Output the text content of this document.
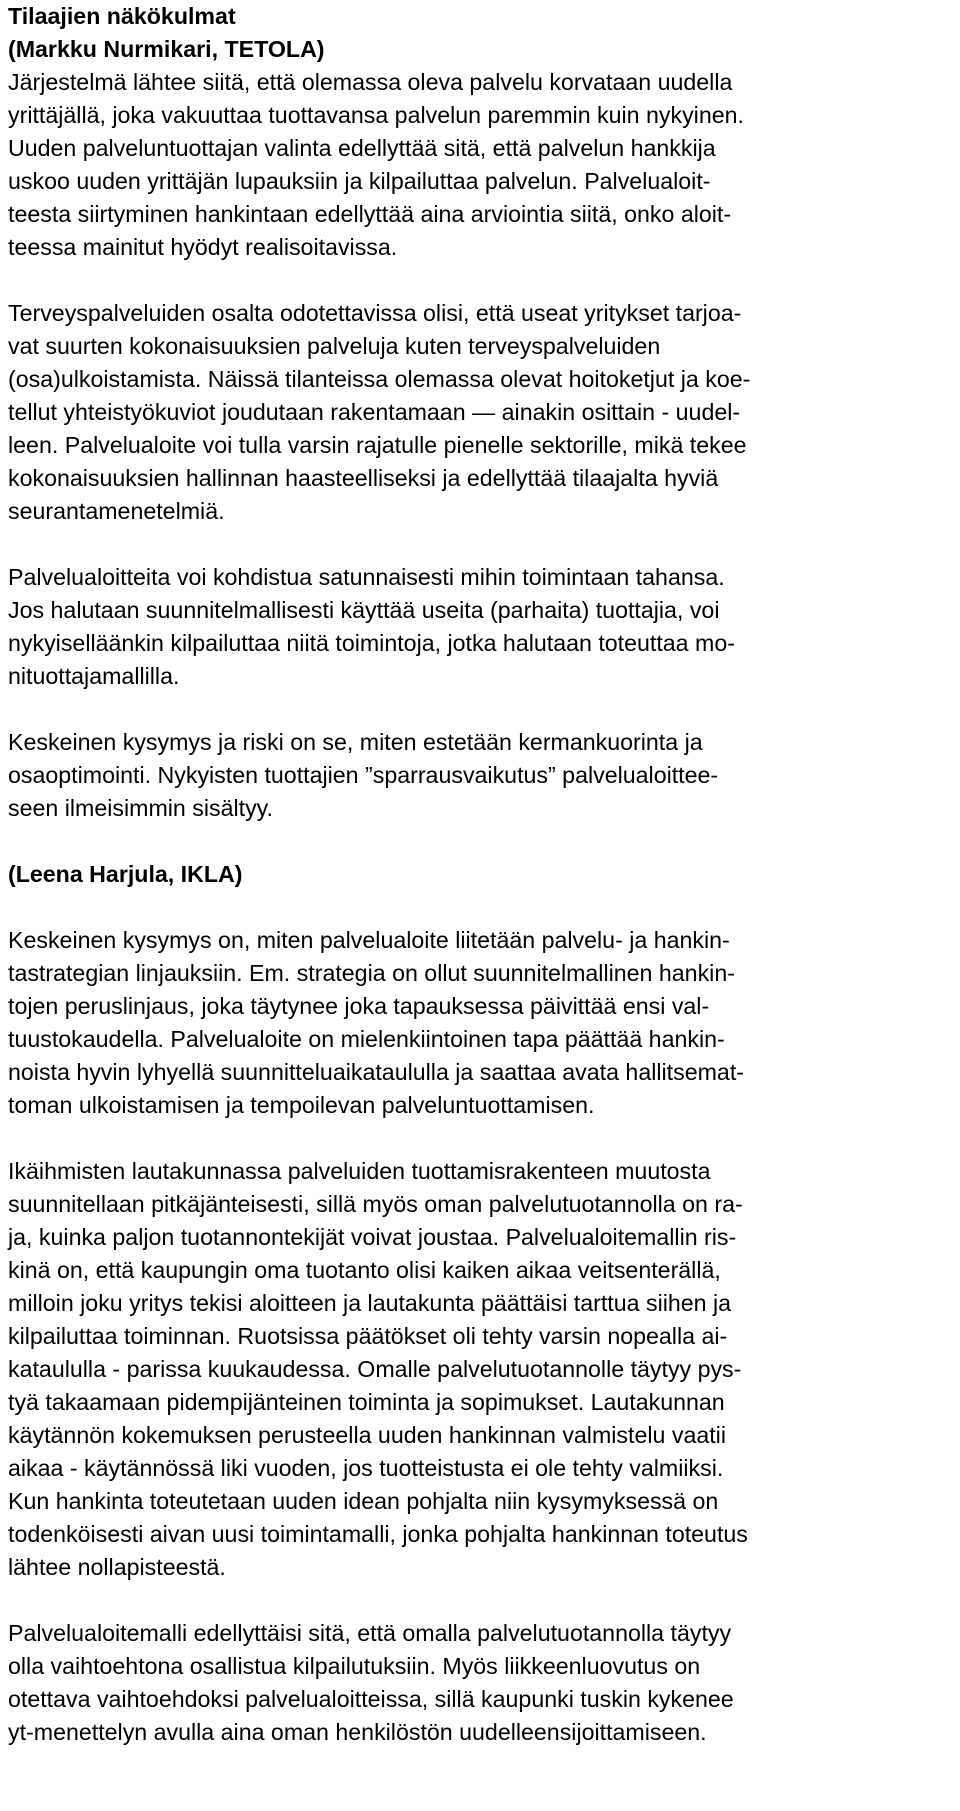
Tilaajien näkökulmat
(Markku Nurmikari, TETOLA)
Järjestelmä lähtee siitä, että olemassa oleva palvelu korvataan uudella
yrittäjällä, joka vakuuttaa tuottavansa palvelun paremmin kuin nykyinen.
Uuden palveluntuottajan valinta edellyttää sitä, että palvelun hankkija
uskoo uuden yrittäjän lupauksiin ja kilpailuttaa palvelun. Palvelualoit-
teesta siirtyminen hankintaan edellyttää aina arviointia siitä, onko aloit-
teessa mainitut hyödyt realisoitavissa.
Terveyspalveluiden osalta odotettavissa olisi, että useat yritykset tarjoa-
vat suurten kokonaisuuksien palveluja kuten terveyspalveluiden
(osa)ulkoistamista. Näissä tilanteissa olemassa olevat hoitoketjut ja koe-
tellut yhteistyökuviot joudutaan rakentamaan — ainakin osittain - uudel-
leen. Palvelualoite voi tulla varsin rajatulle pienelle sektorille, mikä tekee
kokonaisuuksien hallinnan haasteelliseksi ja edellyttää tilaajalta hyviä
seurantamenetelmiä.
Palvelualoitteita voi kohdistua satunnaisesti mihin toimintaan tahansa.
Jos halutaan suunnitelmallisesti käyttää useita (parhaita) tuottajia, voi
nykyiselläänkin kilpailuttaa niitä toimintoja, jotka halutaan toteuttaa mo-
nituottajamallilla.
Keskeinen kysymys ja riski on se, miten estetään kermankuorinta ja
osaoptimointi. Nykyisten tuottajien ”sparrausvaikutus” palvelualoittee-
seen ilmeisimmin sisältyy.
(Leena Harjula, IKLA)
Keskeinen kysymys on, miten palvelualoite liitetään palvelu- ja hankin-
tastrategian linjauksiin. Em. strategia on ollut suunnitelmallinen hankin-
tojen peruslinjaus, joka täytynee joka tapauksessa päivittää ensi val-
tuustokaudella. Palvelualoite on mielenkiintoinen tapa päättää hankin-
noista hyvin lyhyellä suunnitteluaikataululla ja saattaa avata hallitsemat-
toman ulkoistamisen ja tempoilevan palveluntuottamisen.
Ikäihmisten lautakunnassa palveluiden tuottamisrakenteen muutosta
suunnitellaan pitkäjänteisesti, sillä myös oman palvelutuotannolla on ra-
ja, kuinka paljon tuotannontekijät voivat joustaa. Palvelualoitemallin ris-
kinä on, että kaupungin oma tuotanto olisi kaiken aikaa veitsenterällä,
milloin joku yritys tekisi aloitteen ja lautakunta päättäisi tarttua siihen ja
kilpailuttaa toiminnan. Ruotsissa päätökset oli tehty varsin nopealla ai-
kataululla - parissa kuukaudessa. Omalle palvelutuotannolle täytyy pys-
tyä takaamaan pidempijänteinen toiminta ja sopimukset. Lautakunnan
käytännön kokemuksen perusteella uuden hankinnan valmistelu vaatii
aikaa - käytännössä liki vuoden, jos tuotteistusta ei ole tehty valmiiksi.
Kun hankinta toteutetaan uuden idean pohjalta niin kysymyksessä on
todenköisesti aivan uusi toimintamalli, jonka pohjalta hankinnan toteutus
lähtee nollapisteestä.
Palvelualoitemalli edellyttäisi sitä, että omalla palvelutuotannolla täytyy
olla vaihtoehtona osallistua kilpailutuksiin. Myös liikkeenluovutus on
otettava vaihtoehdoksi palvelualoitteissa, sillä kaupunki tuskin kykenee
yt-menettelyn avulla aina oman henkilöstön uudelleensijoittamiseen.
